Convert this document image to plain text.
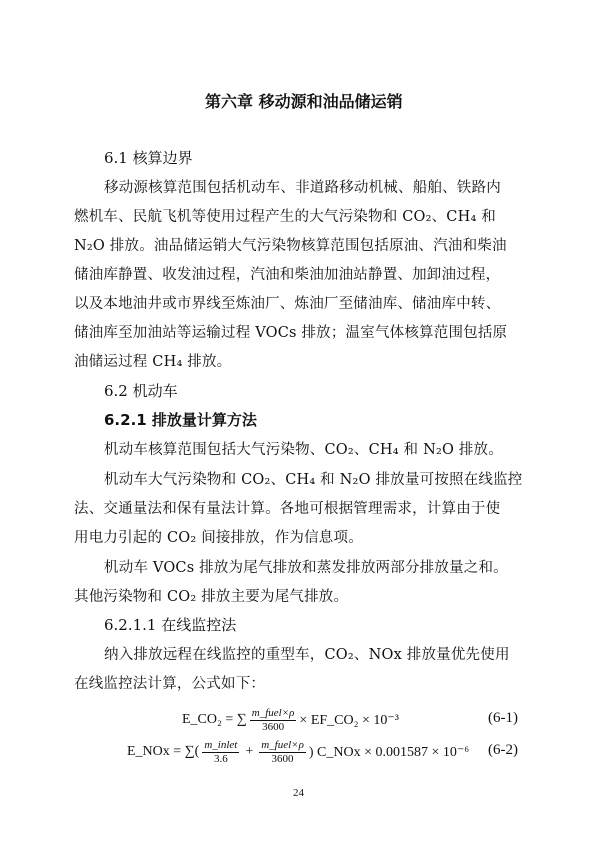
第六章 移动源和油品储运销
6.1 核算边界
移动源核算范围包括机动车、非道路移动机械、船舶、铁路内
燃机车、民航飞机等使用过程产生的大气污染物和 CO₂、CH₄ 和
N₂O 排放。油品储运销大气污染物核算范围包括原油、汽油和柴油
储油库静置、收发油过程，汽油和柴油加油站静置、加卸油过程，
以及本地油井或市界线至炼油厂、炼油厂至储油库、储油库中转、
储油库至加油站等运输过程 VOCs 排放；温室气体核算范围包括原
油储运过程 CH₄ 排放。
6.2 机动车
6.2.1 排放量计算方法
机动车核算范围包括大气污染物、CO₂、CH₄ 和 N₂O 排放。
机动车大气污染物和 CO₂、CH₄ 和 N₂O 排放量可按照在线监控
法、交通量法和保有量法计算。各地可根据管理需求，计算由于使
用电力引起的 CO₂ 间接排放，作为信息项。
机动车 VOCs 排放为尾气排放和蒸发排放两部分排放量之和。
其他污染物和 CO₂ 排放主要为尾气排放。
6.2.1.1 在线监控法
纳入排放远程在线监控的重型车，CO₂、NOx 排放量优先使用
在线监控法计算，公式如下：
E_CO₂ = ∑ m_fuel×ρ
3600 × EF_CO₂ × 10⁻³	(6-1)
E_NOx = ∑( m_inlet
3.6 + m_fuel×ρ
3600 ) C_NOx × 0.001587 × 10⁻⁶ (6-2)
24
